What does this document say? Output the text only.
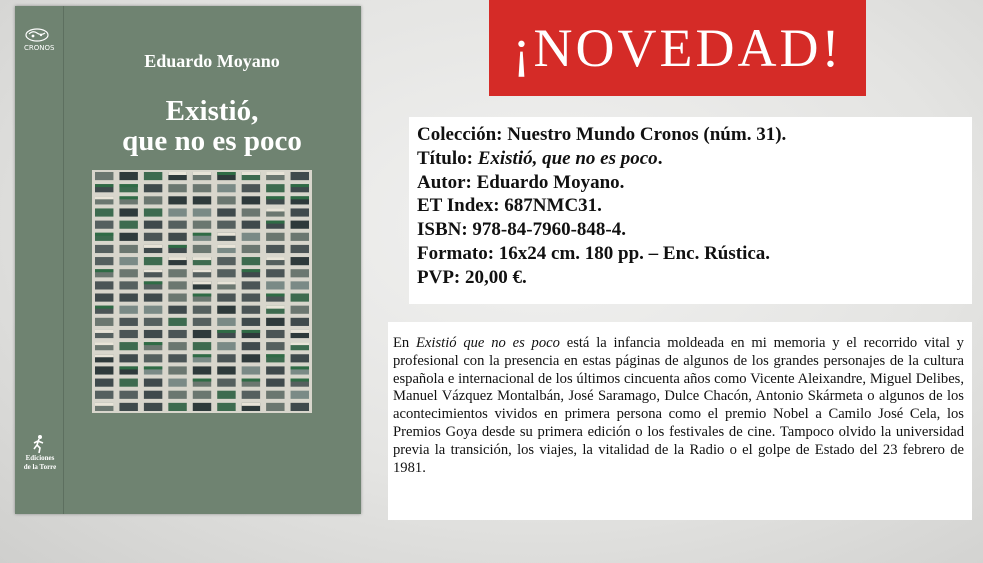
CRONOS
Eduardo Moyano
Existió,
que no es poco
Ediciones
de la Torre
¡NOVEDAD!
Colección: Nuestro Mundo Cronos (núm. 31).
Título: Existió, que no es poco.
Autor: Eduardo Moyano.
ET Index: 687NMC31.
ISBN: 978-84-7960-848-4.
Formato: 16x24 cm. 180 pp. – Enc. Rústica.
PVP: 20,00 €.
En Existió que no es poco está la infancia moldeada en mi memoria y el recorrido vital y profesional con la presencia en estas páginas de algunos de los grandes personajes de la cultura española e internacional de los últimos cincuenta años como Vicente Aleixandre, Miguel Delibes, Manuel Vázquez Montalbán, José Saramago, Dulce Chacón, Antonio Skármeta o algunos de los acontecimientos vividos en primera persona como el premio Nobel a Camilo José Cela, los Premios Goya desde su primera edición o los festivales de cine. Tampoco olvido la universidad previa la transición, los viajes, la vitalidad de la Radio o el golpe de Estado del 23 febrero de 1981.
